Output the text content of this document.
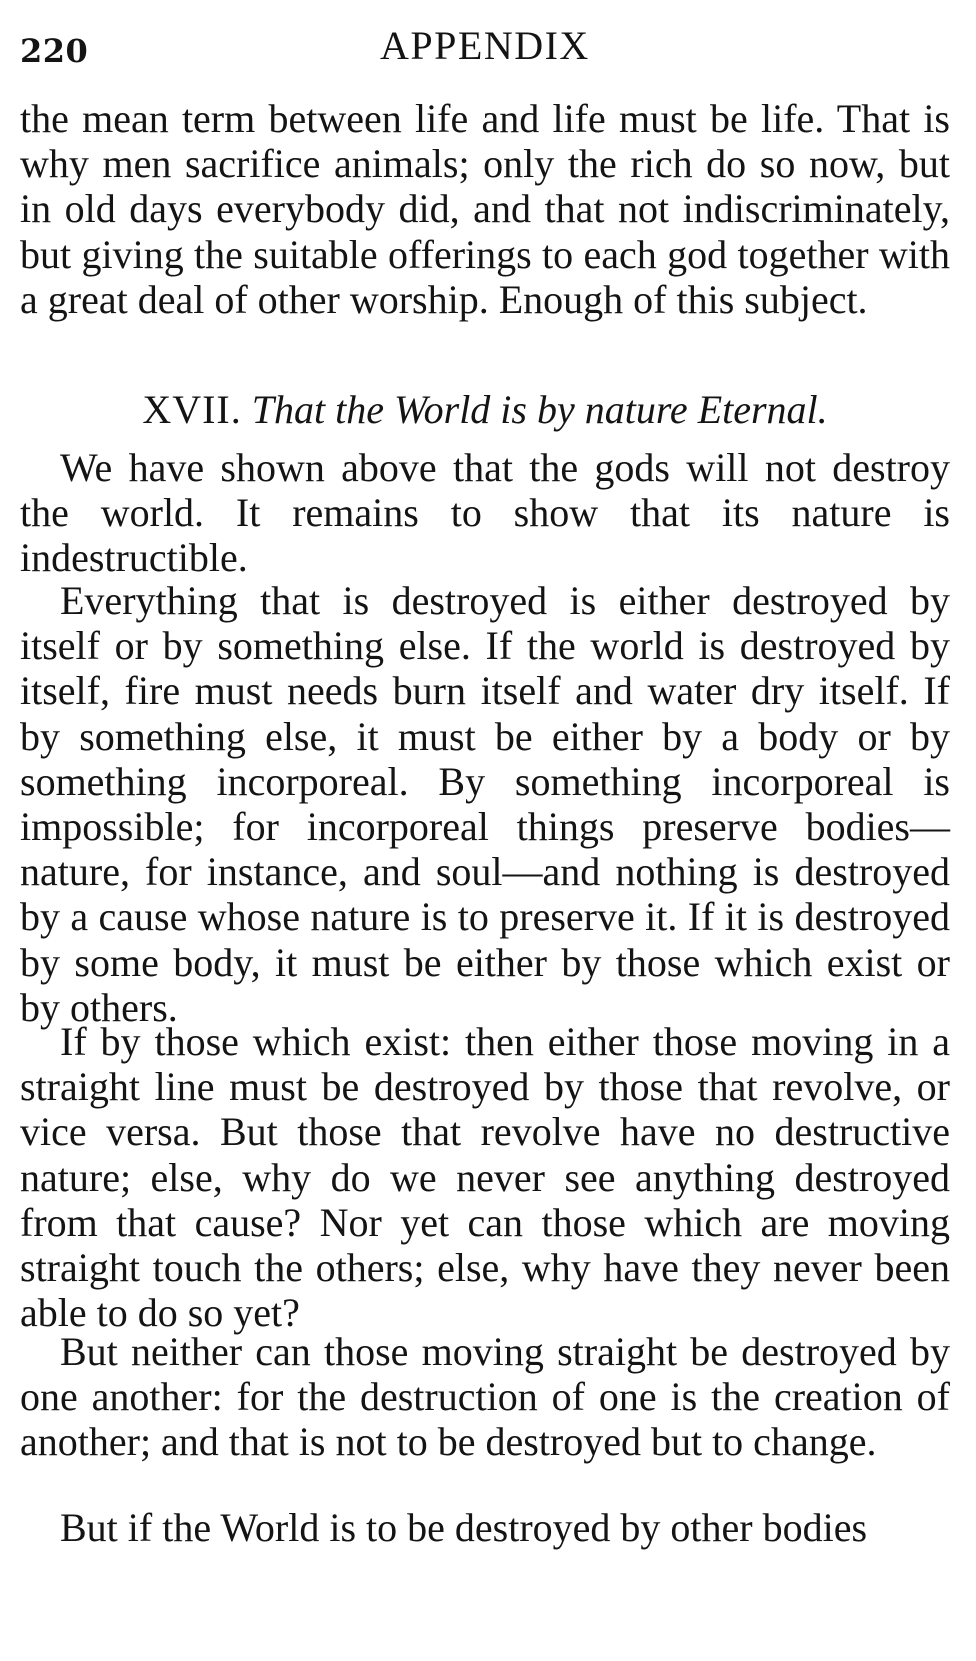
220	APPENDIX

the mean term between life and life must be life. That is why men sacrifice animals; only the rich do so now, but in old days everybody did, and that not indiscriminately, but giving the suitable offerings to each god together with a great deal of other worship. Enough of this subject.

XVII. That the World is by nature Eternal.

We have shown above that the gods will not destroy the world. It remains to show that its nature is indestructible.

Everything that is destroyed is either destroyed by itself or by something else. If the world is destroyed by itself, fire must needs burn itself and water dry itself. If by something else, it must be either by a body or by something incorporeal. By something incorporeal is impossible; for incorporeal things preserve bodies—nature, for instance, and soul—and nothing is destroyed by a cause whose nature is to preserve it. If it is destroyed by some body, it must be either by those which exist or by others.

If by those which exist: then either those moving in a straight line must be destroyed by those that revolve, or vice versa. But those that revolve have no destructive nature; else, why do we never see anything destroyed from that cause? Nor yet can those which are moving straight touch the others; else, why have they never been able to do so yet?

But neither can those moving straight be destroyed by one another: for the destruction of one is the creation of another; and that is not to be destroyed but to change.

But if the World is to be destroyed by other bodies
